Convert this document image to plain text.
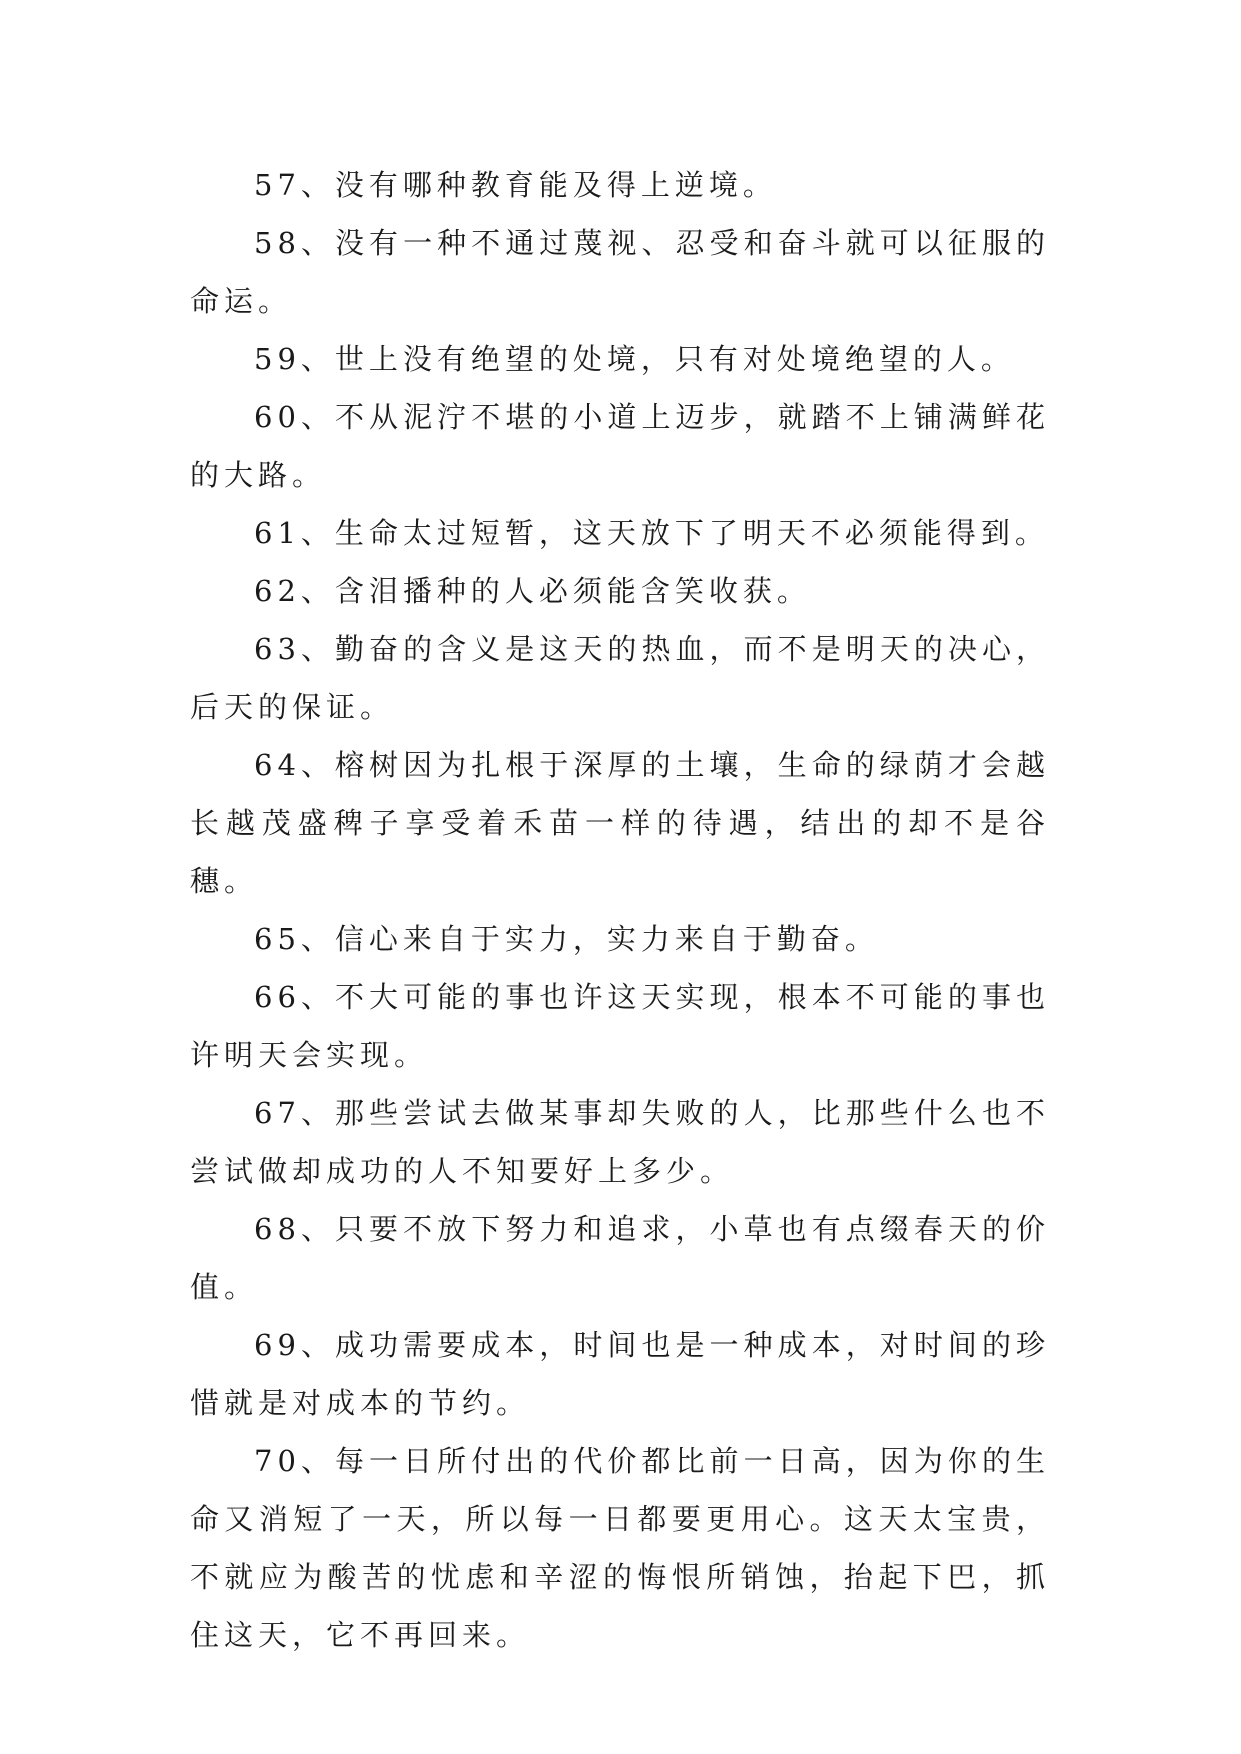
57、没有哪种教育能及得上逆境。

58、没有一种不通过蔑视、忍受和奋斗就可以征服的命运。

59、世上没有绝望的处境，只有对处境绝望的人。

60、不从泥泞不堪的小道上迈步，就踏不上铺满鲜花的大路。

61、生命太过短暂，这天放下了明天不必须能得到。

62、含泪播种的人必须能含笑收获。

63、勤奋的含义是这天的热血，而不是明天的决心，后天的保证。

64、榕树因为扎根于深厚的土壤，生命的绿荫才会越长越茂盛稗子享受着禾苗一样的待遇，结出的却不是谷穗。

65、信心来自于实力，实力来自于勤奋。

66、不大可能的事也许这天实现，根本不可能的事也许明天会实现。

67、那些尝试去做某事却失败的人，比那些什么也不尝试做却成功的人不知要好上多少。

68、只要不放下努力和追求，小草也有点缀春天的价值。

69、成功需要成本，时间也是一种成本，对时间的珍惜就是对成本的节约。

70、每一日所付出的代价都比前一日高，因为你的生命又消短了一天，所以每一日都要更用心。这天太宝贵，不就应为酸苦的忧虑和辛涩的悔恨所销蚀，抬起下巴，抓住这天，它不再回来。
